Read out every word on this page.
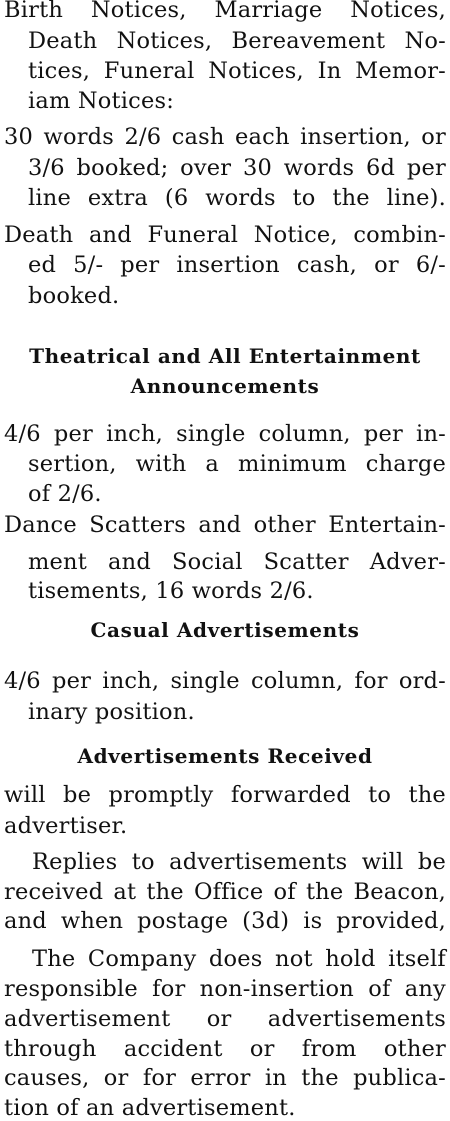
Birth Notices, Marriage Notices,
Death Notices, Bereavement No-
tices, Funeral Notices, In Memor-
iam Notices:
30 words 2/6 cash each insertion, or
3/6 booked; over 30 words 6d per
line extra (6 words to the line).
Death and Funeral Notice, combin-
ed 5/- per insertion cash, or 6/-
booked.
Theatrical and All Entertainment
Announcements
4/6 per inch, single column, per in-
sertion, with a minimum charge
of 2/6.
Dance Scatters and other Entertain-
ment and Social Scatter Adver-
tisements, 16 words 2/6.
Casual Advertisements
4/6 per inch, single column, for ord-
inary position.
Advertisements Received
will be promptly forwarded to the
advertiser.
Replies to advertisements will be
received at the Office of the Beacon,
and when postage (3d) is provided,
The Company does not hold itself
responsible for non-insertion of any
advertisement or advertisements
through accident or from other
causes, or for error in the publica-
tion of an advertisement.
